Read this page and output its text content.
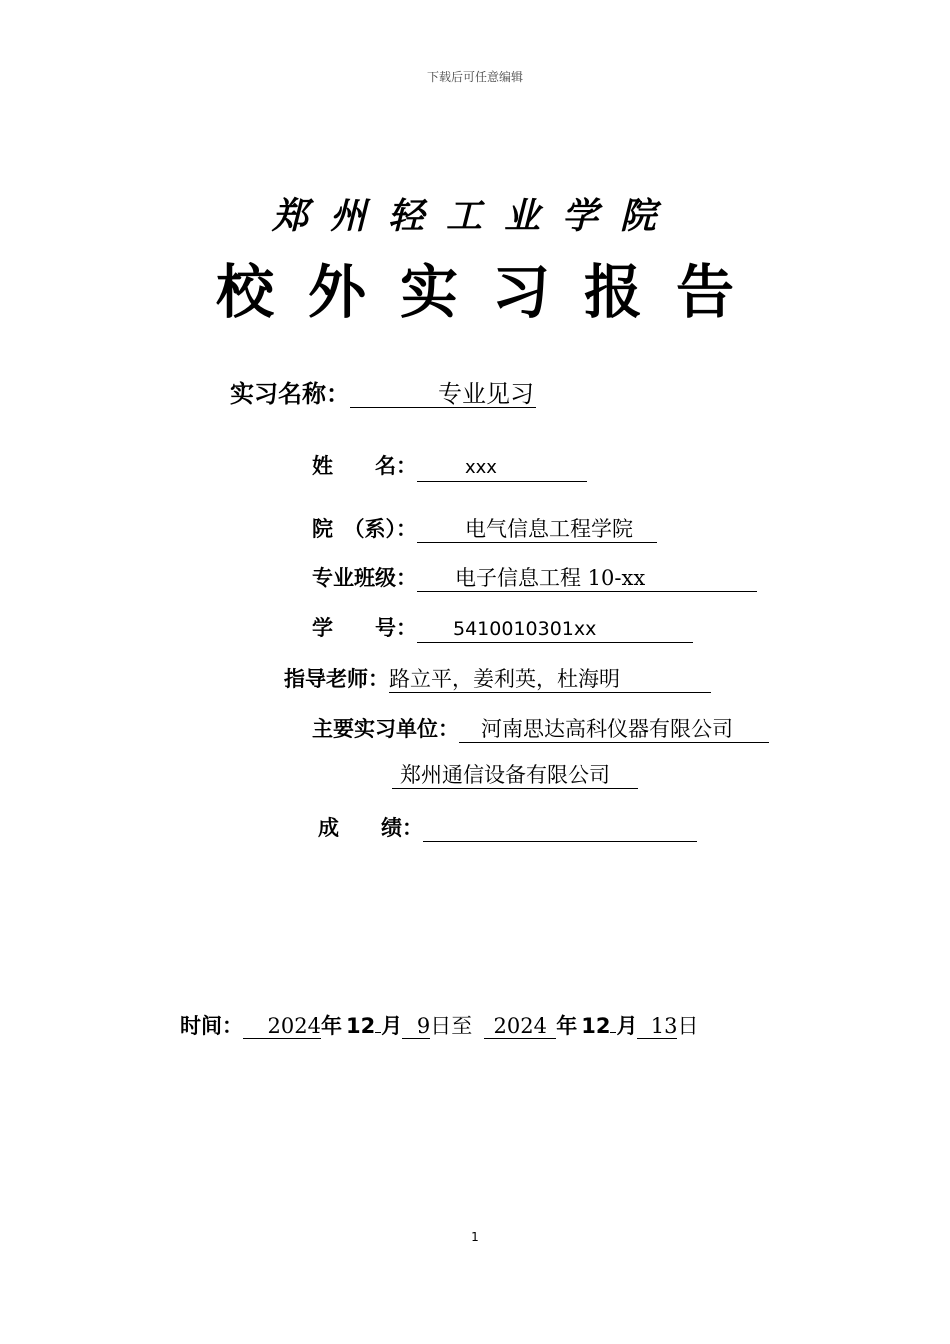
下载后可任意编辑
郑州轻工业学院
校外实习报告
实习名称：	专业见习
姓　　名：	xxx
院　（系）： 电气信息工程学院
专业班级： 电子信息工程 10-xx
学　　号： 5410010301xx
指导老师：路立平，姜利英，杜海明
主要实习单位： 河南思达高科仪器有限公司
郑州通信设备有限公司
成　　绩：
时间： 2024年 12 月 9日至 2024 年 12 月 13日
1
